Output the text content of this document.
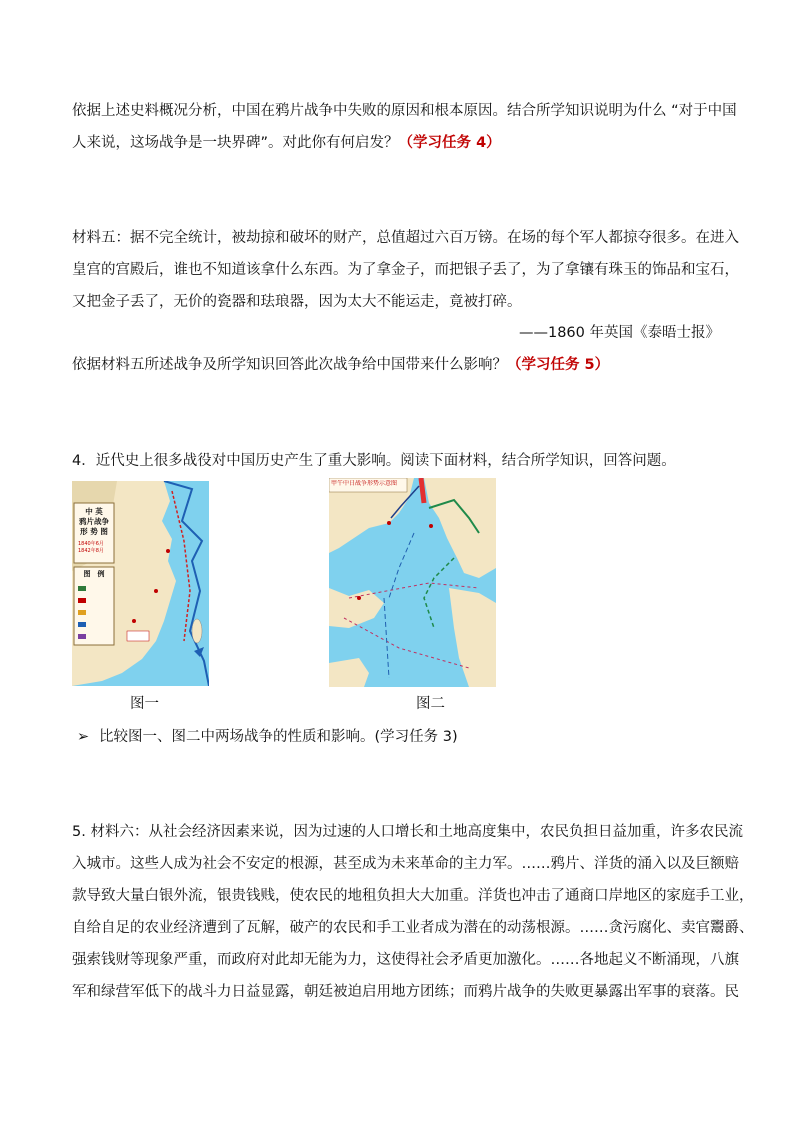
依据上述史料概况分析，中国在鸦片战争中失败的原因和根本原因。结合所学知识说明为什么 “对于中国
人来说，这场战争是一块界碑”。对此你有何启发？（学习任务 4）
材料五：据不完全统计，被劫掠和破坏的财产，总值超过六百万镑。在场的每个军人都掠夺很多。在进入
皇宫的宫殿后，谁也不知道该拿什么东西。为了拿金子，而把银子丢了，为了拿镶有珠玉的饰品和宝石，
又把金子丢了，无价的瓷器和珐琅器，因为太大不能运走，竟被打碎。
——1860 年英国《泰晤士报》
依据材料五所述战争及所学知识回答此次战争给中国带来什么影响？（学习任务 5）
4．近代史上很多战役对中国历史产生了重大影响。阅读下面材料，结合所学知识，回答问题。
中 英
鸦片战争
形 势 图
1840年6月
1842年8月
图　例
图一
甲午中日战争形势示意图
图二
➢ 比较图一、图二中两场战争的性质和影响。(学习任务 3)
5. 材料六：从社会经济因素来说，因为过速的人口增长和土地高度集中，农民负担日益加重，许多农民流
入城市。这些人成为社会不安定的根源，甚至成为未来革命的主力军。……鸦片、洋货的涌入以及巨额赔
款导致大量白银外流，银贵钱贱，使农民的地租负担大大加重。洋货也冲击了通商口岸地区的家庭手工业，
自给自足的农业经济遭到了瓦解，破产的农民和手工业者成为潜在的动荡根源。……贪污腐化、卖官鬻爵、
强索钱财等现象严重，而政府对此却无能为力，这使得社会矛盾更加激化。……各地起义不断涌现，八旗
军和绿营军低下的战斗力日益显露，朝廷被迫启用地方团练；而鸦片战争的失败更暴露出军事的衰落。民
